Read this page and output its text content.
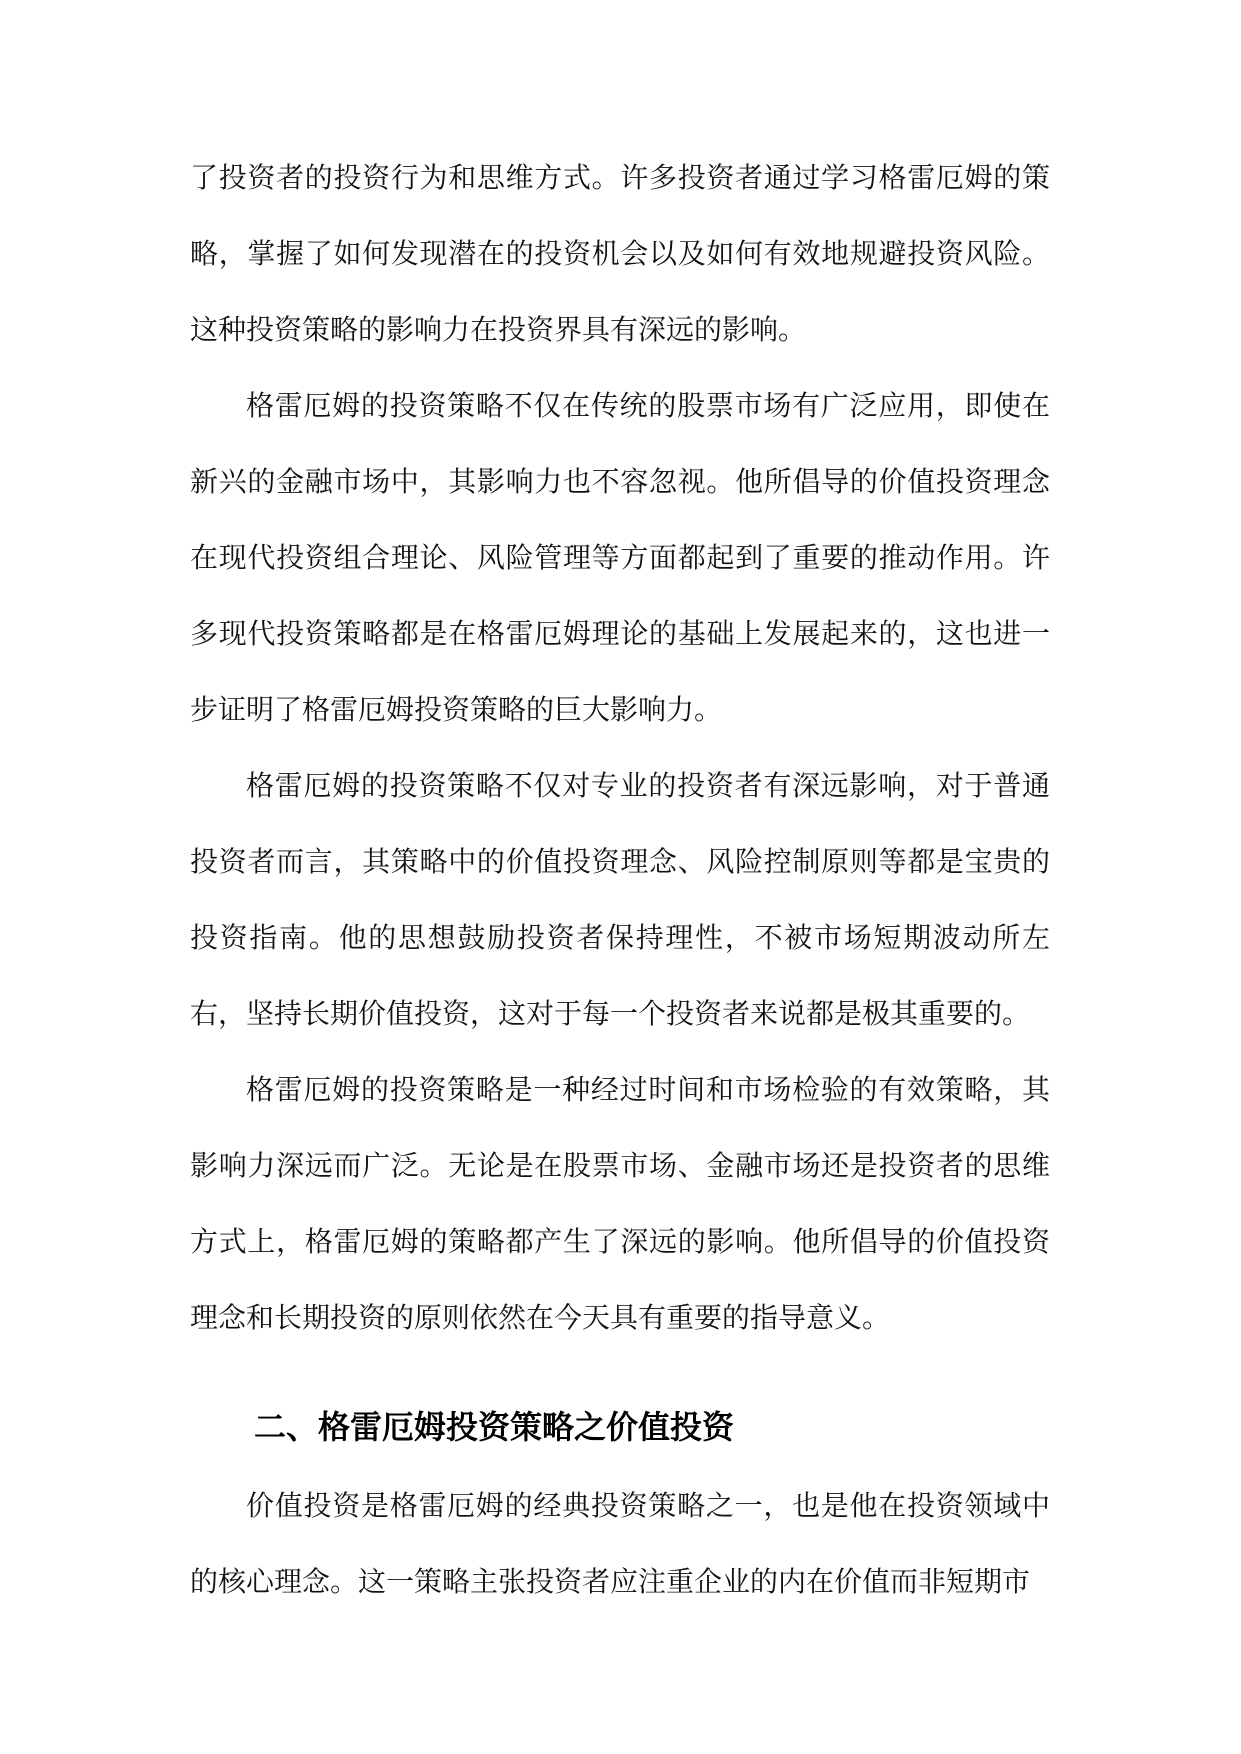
了投资者的投资行为和思维方式。许多投资者通过学习格雷厄姆的策略，掌握了如何发现潜在的投资机会以及如何有效地规避投资风险。这种投资策略的影响力在投资界具有深远的影响。

格雷厄姆的投资策略不仅在传统的股票市场有广泛应用，即使在新兴的金融市场中，其影响力也不容忽视。他所倡导的价值投资理念在现代投资组合理论、风险管理等方面都起到了重要的推动作用。许多现代投资策略都是在格雷厄姆理论的基础上发展起来的，这也进一步证明了格雷厄姆投资策略的巨大影响力。

格雷厄姆的投资策略不仅对专业的投资者有深远影响，对于普通投资者而言，其策略中的价值投资理念、风险控制原则等都是宝贵的投资指南。他的思想鼓励投资者保持理性，不被市场短期波动所左右，坚持长期价值投资，这对于每一个投资者来说都是极其重要的。

格雷厄姆的投资策略是一种经过时间和市场检验的有效策略，其影响力深远而广泛。无论是在股票市场、金融市场还是投资者的思维方式上，格雷厄姆的策略都产生了深远的影响。他所倡导的价值投资理念和长期投资的原则依然在今天具有重要的指导意义。

二、格雷厄姆投资策略之价值投资

价值投资是格雷厄姆的经典投资策略之一，也是他在投资领域中的核心理念。这一策略主张投资者应注重企业的内在价值而非短期市
